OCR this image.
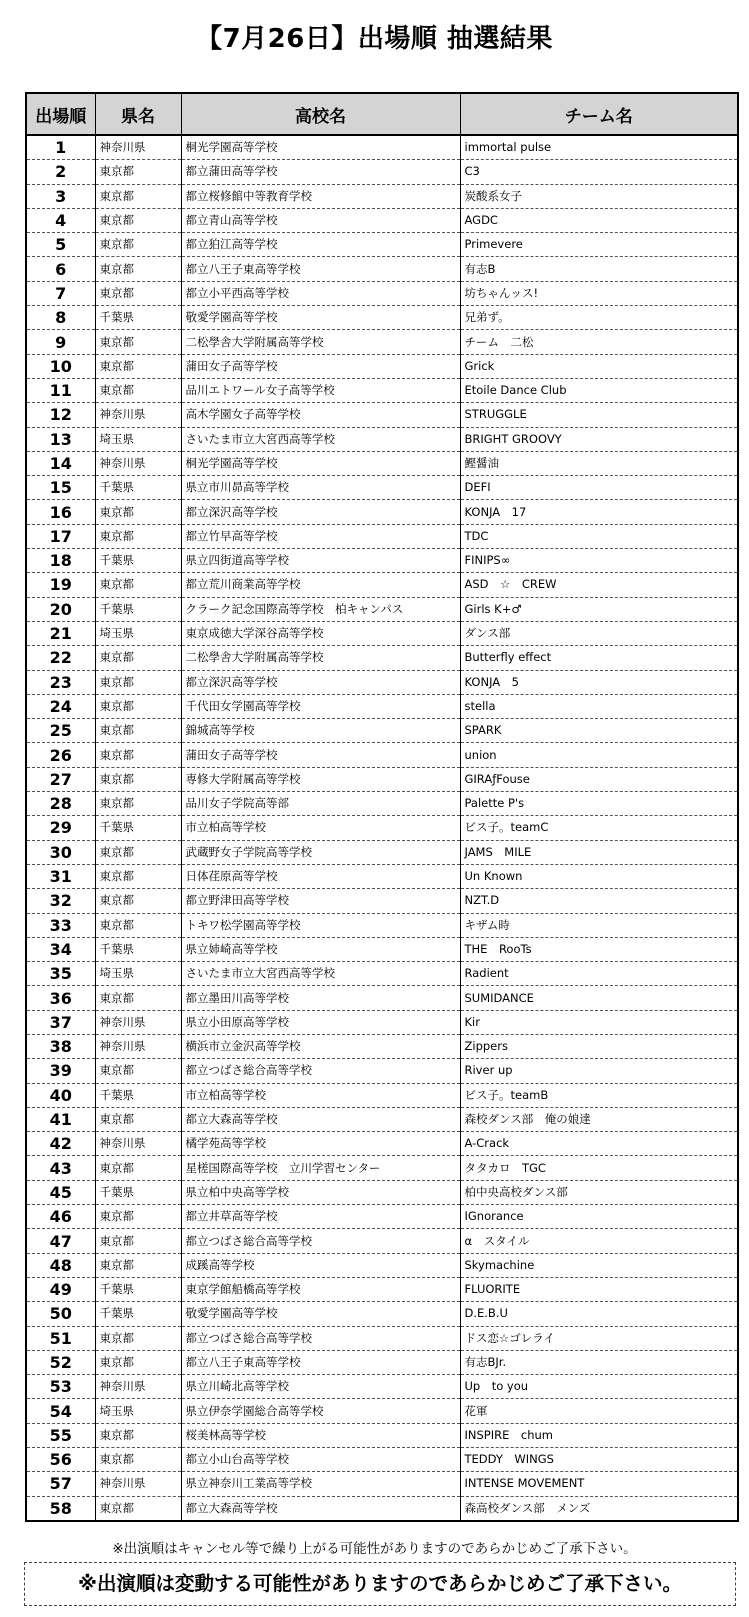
【7月26日】出場順 抽選結果
出場順	県名	高校名	チーム名
1	神奈川県	桐光学園高等学校	immortal pulse
2	東京都	都立蒲田高等学校	C3
3	東京都	都立桜修館中等教育学校	炭酸系女子
4	東京都	都立青山高等学校	AGDC
5	東京都	都立狛江高等学校	Primevere
6	東京都	都立八王子東高等学校	有志B
7	東京都	都立小平西高等学校	坊ちゃんッス!
8	千葉県	敬愛学園高等学校	兄弟ず。
9	東京都	二松學舎大学附属高等学校	チーム　二松
10	東京都	蒲田女子高等学校	Grick
11	東京都	品川エトワール女子高等学校	Etoile Dance Club
12	神奈川県	高木学園女子高等学校	STRUGGLE
13	埼玉県	さいたま市立大宮西高等学校	BRIGHT GROOVY
14	神奈川県	桐光学園高等学校	鰹醤油
15	千葉県	県立市川昴高等学校	DEFI
16	東京都	都立深沢高等学校	KONJA　17
17	東京都	都立竹早高等学校	TDC
18	千葉県	県立四街道高等学校	FINIPS∞
19	東京都	都立荒川商業高等学校	ASD　☆　CREW
20	千葉県	クラーク記念国際高等学校　柏キャンパス	Girls K+♂
21	埼玉県	東京成徳大学深谷高等学校	ダンス部
22	東京都	二松學舎大学附属高等学校	Butterfly effect
23	東京都	都立深沢高等学校	KONJA　5
24	東京都	千代田女学園高等学校	stella
25	東京都	錦城高等学校	SPARK
26	東京都	蒲田女子高等学校	union
27	東京都	専修大学附属高等学校	GIRAƒFouse
28	東京都	品川女子学院高等部	Palette P's
29	千葉県	市立柏高等学校	ビス子。teamC
30	東京都	武蔵野女子学院高等学校	JAMS　MILE
31	東京都	日体荏原高等学校	Un Known
32	東京都	都立野津田高等学校	NZT.D
33	東京都	トキワ松学園高等学校	キザム時
34	千葉県	県立姉崎高等学校	THE　RooTs
35	埼玉県	さいたま市立大宮西高等学校	Radient
36	東京都	都立墨田川高等学校	SUMIDANCE
37	神奈川県	県立小田原高等学校	Kir
38	神奈川県	横浜市立金沢高等学校	Zippers
39	東京都	都立つばさ総合高等学校	River up
40	千葉県	市立柏高等学校	ビス子。teamB
41	東京都	都立大森高等学校	森校ダンス部　俺の娘達
42	神奈川県	橘学苑高等学校	A-Crack
43	東京都	星槎国際高等学校　立川学習センター	タタカロ　TGC
45	千葉県	県立柏中央高等学校	柏中央高校ダンス部
46	東京都	都立井草高等学校	IGnorance
47	東京都	都立つばさ総合高等学校	α　スタイル
48	東京都	成蹊高等学校	Skymachine
49	千葉県	東京学館船橋高等学校	FLUORITE
50	千葉県	敬愛学園高等学校	D.E.B.U
51	東京都	都立つばさ総合高等学校	ドス恋☆ゴレライ
52	東京都	都立八王子東高等学校	有志BJr.
53	神奈川県	県立川崎北高等学校	Up　to you
54	埼玉県	県立伊奈学園総合高等学校	花軍
55	東京都	桜美林高等学校	INSPIRE　chum
56	東京都	都立小山台高等学校	TEDDY　WINGS
57	神奈川県	県立神奈川工業高等学校	INTENSE MOVEMENT
58	東京都	都立大森高等学校	森高校ダンス部　メンズ
※出演順はキャンセル等で繰り上がる可能性がありますのであらかじめご了承下さい。
※出演順は変動する可能性がありますのであらかじめご了承下さい。
